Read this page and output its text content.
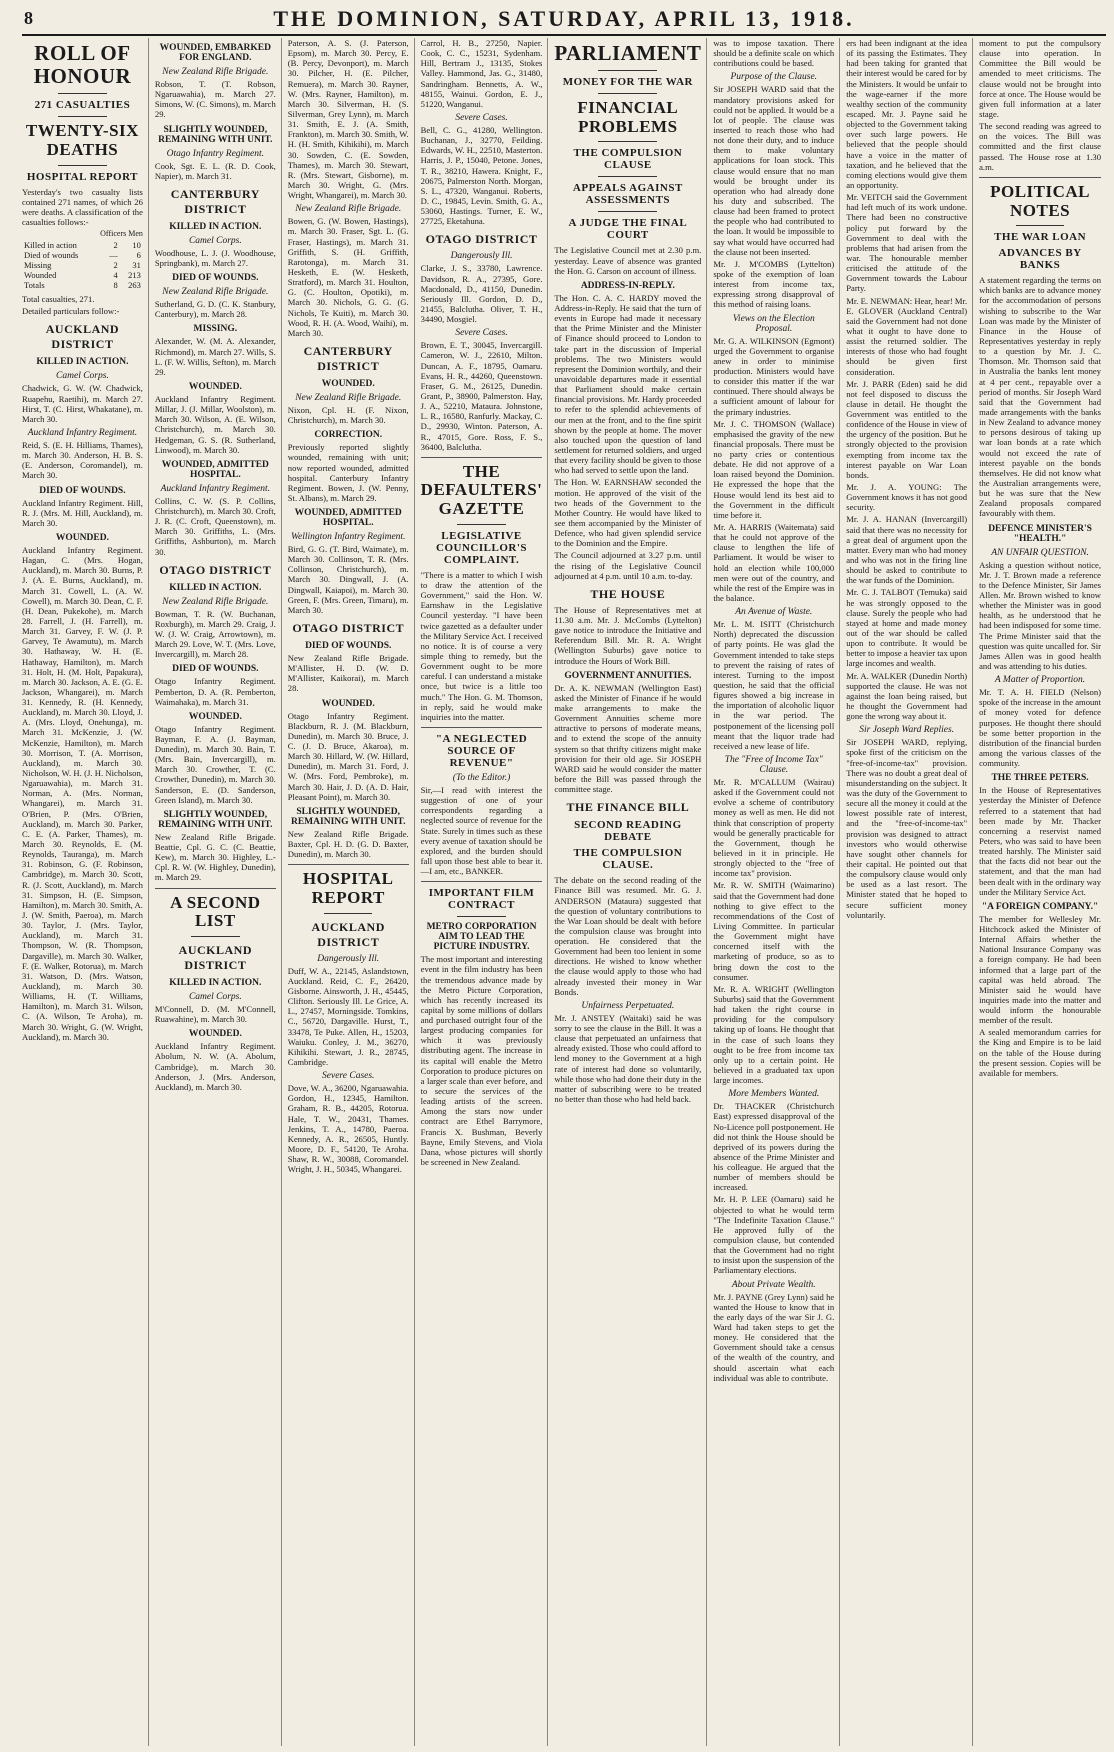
8	THE DOMINION, SATURDAY, APRIL 13, 1918.
ROLL OF HONOUR
271 CASUALTIES
TWENTY-SIX DEATHS
HOSPITAL REPORT

Yesterday's two casualty lists contained 271 names, of which 26 were deaths. A classification of the casualties follows:-

Officers Men
Killed in action	2	10
Died of wounds	—	6
Missing	2	31
Wounded	4	213
Totals	8	263

Total casualties, 271.

Detailed particulars follow:-

AUCKLAND DISTRICT
KILLED IN ACTION.
Camel Corps.

Chadwick, G. W. (W. Chadwick, Ruapehu, Raetihi), m. March 27. Hirst, T. (C. Hirst, Whakatane), m. March 30.

Auckland Infantry Regiment.

Reid, S. (E. H. Hilliams, Thames), m. March 30. Anderson, H. B. S. (E. Anderson, Coromandel), m. March 30.

DIED OF WOUNDS.

Auckland Infantry Regiment. Hill, R. J. (Mrs. M. Hill, Auckland), m. March 30.

WOUNDED.

Auckland Infantry Regiment. Hagan, C. (Mrs. Hogan, Auckland), m. March 30. Burns, P. J. (A. E. Burns, Auckland), m. March 31. Cowell, L. (A. W. Cowell), m. March 30. Dean, C. F. (H. Dean, Pukekohe), m. March 28. Farrell, J. (H. Farrell), m. March 31. Garvey, F. W. (J. P. Garvey, Te Awamutu), m. March 30. Hathaway, W. H. (E. Hathaway, Hamilton), m. March 31. Holt, H. (M. Holt, Papakura), m. March 30. Jackson, A. E. (G. E. Jackson, Whangarei), m. March 31. Kennedy, R. (H. Kennedy, Auckland), m. March 30. Lloyd, J. A. (Mrs. Lloyd, Onehunga), m. March 31. McKenzie, J. (W. McKenzie, Hamilton), m. March 30. Morrison, T. (A. Morrison, Auckland), m. March 30. Nicholson, W. H. (J. H. Nicholson, Ngaruawahia), m. March 31. Norman, A. (Mrs. Norman, Whangarei), m. March 31. O'Brien, P. (Mrs. O'Brien, Auckland), m. March 30. Parker, C. E. (A. Parker, Thames), m. March 30. Reynolds, E. (M. Reynolds, Tauranga), m. March 31. Robinson, G. (F. Robinson, Cambridge), m. March 30. Scott, R. (J. Scott, Auckland), m. March 31. Simpson, H. (E. Simpson, Hamilton), m. March 30. Smith, A. J. (W. Smith, Paeroa), m. March 30. Taylor, J. (Mrs. Taylor, Auckland), m. March 31. Thompson, W. (R. Thompson, Dargaville), m. March 30. Walker, F. (E. Walker, Rotorua), m. March 31. Watson, D. (Mrs. Watson, Auckland), m. March 30. Williams, H. (T. Williams, Hamilton), m. March 31. Wilson, C. (A. Wilson, Te Aroha), m. March 30. Wright, G. (W. Wright, Auckland), m. March 30.

WOUNDED, EMBARKED FOR ENGLAND.
New Zealand Rifle Brigade.

Robson, T. (T. Robson, Ngaruawahia), m. March 27. Simons, W. (C. Simons), m. March 29.

SLIGHTLY WOUNDED, REMAINING WITH UNIT.
Otago Infantry Regiment.

Cook, Sgt. E. L. (R. D. Cook, Napier), m. March 31.

CANTERBURY DISTRICT
KILLED IN ACTION.
Camel Corps.

Woodhouse, L. J. (J. Woodhouse, Springbank), m. March 27.

DIED OF WOUNDS.
New Zealand Rifle Brigade.

Sutherland, G. D. (C. K. Stanbury, Canterbury), m. March 28.

MISSING.

Alexander, W. (M. A. Alexander, Richmond), m. March 27. Wills, S. L. (F. W. Willis, Sefton), m. March 29.

WOUNDED.

Auckland Infantry Regiment. Millar, J. (J. Millar, Woolston), m. March 30. Wilson, A. (E. Wilson, Christchurch), m. March 30. Hedgeman, G. S. (R. Sutherland, Linwood), m. March 30.

WOUNDED, ADMITTED HOSPITAL.
Auckland Infantry Regiment.

Collins, C. W. (S. P. Collins, Christchurch), m. March 30. Croft, J. R. (C. Croft, Queenstown), m. March 30. Griffiths, L. (Mrs. Griffiths, Ashburton), m. March 30.

OTAGO DISTRICT
KILLED IN ACTION.
New Zealand Rifle Brigade.

Bowman, T. R. (W. Buchanan, Roxburgh), m. March 29. Craig, J. W. (J. W. Craig, Arrowtown), m. March 29. Love, W. T. (Mrs. Love, Invercargill), m. March 28.

DIED OF WOUNDS.

Otago Infantry Regiment. Pemberton, D. A. (R. Pemberton, Waimahaka), m. March 31.

WOUNDED.

Otago Infantry Regiment. Bayman, F. A. (J. Bayman, Dunedin), m. March 30. Bain, T. (Mrs. Bain, Invercargill), m. March 30. Crowther, T. (C. Crowther, Dunedin), m. March 30. Sanderson, E. (D. Sanderson, Green Island), m. March 30.

SLIGHTLY WOUNDED, REMAINING WITH UNIT.

New Zealand Rifle Brigade. Beattie, Cpl. G. C. (C. Beattie, Kew), m. March 30. Highley, L.-Cpl. R. W. (W. Highley, Dunedin), m. March 29.

A SECOND LIST
AUCKLAND DISTRICT
KILLED IN ACTION.
Camel Corps.

M'Connell, D. (M. M'Connell, Ruawahine), m. March 30.

WOUNDED.

Auckland Infantry Regiment. Abolum, N. W. (A. Abolum, Cambridge), m. March 30. Anderson, J. (Mrs. Anderson, Auckland), m. March 30.

Paterson, A. S. (J. Paterson, Epsom), m. March 30. Percy, E. (B. Percy, Devonport), m. March 30. Pilcher, H. (E. Pilcher, Remuera), m. March 30. Rayner, W. (Mrs. Rayner, Hamilton), m. March 30. Silverman, H. (S. Silverman, Grey Lynn), m. March 31. Smith, E. J. (A. Smith, Frankton), m. March 30. Smith, W. H. (H. Smith, Kihikihi), m. March 30. Sowden, C. (E. Sowden, Thames), m. March 30. Stewart, R. (Mrs. Stewart, Gisborne), m. March 30. Wright, G. (Mrs. Wright, Whangarei), m. March 30.

New Zealand Rifle Brigade.

Bowen, G. (W. Bowen, Hastings), m. March 30. Fraser, Sgt. L. (G. Fraser, Hastings), m. March 31. Griffith, S. (H. Griffith, Rarotonga), m. March 31. Hesketh, E. (W. Hesketh, Stratford), m. March 31. Houlton, G. (C. Houlton, Opotiki), m. March 30. Nichols, G. G. (G. Nichols, Te Kuiti), m. March 30. Wood, R. H. (A. Wood, Waihi), m. March 30.

CANTERBURY DISTRICT
WOUNDED.
New Zealand Rifle Brigade.

Nixon, Cpl. H. (F. Nixon, Christchurch), m. March 30.

CORRECTION.

Previously reported slightly wounded, remaining with unit; now reported wounded, admitted hospital. Canterbury Infantry Regiment. Bowen, J. (W. Penny, St. Albans), m. March 29.

WOUNDED, ADMITTED HOSPITAL.
Wellington Infantry Regiment.

Bird, G. G. (T. Bird, Waimate), m. March 30. Collinson, T. R. (Mrs. Collinson, Christchurch), m. March 30. Dingwall, J. (A. Dingwall, Kaiapoi), m. March 30. Green, F. (Mrs. Green, Timaru), m. March 30.

OTAGO DISTRICT
DIED OF WOUNDS.

New Zealand Rifle Brigade. M'Allister, H. D. (W. D. M'Allister, Kaikorai), m. March 28.

WOUNDED.

Otago Infantry Regiment. Blackburn, R. J. (M. Blackburn, Dunedin), m. March 30. Bruce, J. C. (J. D. Bruce, Akaroa), m. March 30. Hillard, W. (W. Hillard, Dunedin), m. March 31. Ford, J. W. (Mrs. Ford, Pembroke), m. March 30. Hair, J. D. (A. D. Hair, Pleasant Point), m. March 30.

SLIGHTLY WOUNDED, REMAINING WITH UNIT.

New Zealand Rifle Brigade. Baxter, Cpl. H. D. (G. D. Baxter, Dunedin), m. March 30.

HOSPITAL REPORT
AUCKLAND DISTRICT
Dangerously Ill.

Duff, W. A., 22145, Aslandstown, Auckland. Reid, C. F., 26420, Gisborne. Ainsworth, J. H., 45445, Clifton. Seriously Ill. Le Grice, A. L., 27457, Morningside. Tomkins, C., 56720, Dargaville. Hurst, T., 33478, Te Puke. Allen, H., 15203, Waiuku. Conley, J. M., 36270, Kihikihi. Stewart, J. R., 28745, Cambridge.

Severe Cases.

Dove, W. A., 36200, Ngaruawahia. Gordon, H., 12345, Hamilton. Graham, R. B., 44205, Rotorua. Hale, T. W., 20431, Thames. Jenkins, T. A., 14780, Paeroa. Kennedy, A. R., 26505, Huntly. Moore, D. F., 54120, Te Aroha. Shaw, R. W., 30088, Coromandel. Wright, J. H., 50345, Whangarei.

Carrol, H. B., 27250, Napier. Cook, C. C., 15231, Sydenham. Hill, Bertram J., 13135, Stokes Valley. Hammond, Jas. G., 31480, Sandringham. Bennetts, A. W., 48155, Wainui. Gordon, E. J., 51220, Wanganui.

Severe Cases.

Bell, C. G., 41280, Wellington. Buchanan, J., 32770, Feilding. Edwards, W. H., 22510, Masterton. Harris, J. P., 15040, Petone. Jones, T. R., 38210, Hawera. Knight, F., 20675, Palmerston North. Morgan, S. L., 47320, Wanganui. Roberts, D. C., 19845, Levin. Smith, G. A., 53060, Hastings. Turner, E. W., 27725, Eketahuna.

OTAGO DISTRICT
Dangerously Ill.

Clarke, J. S., 33780, Lawrence. Davidson, R. A., 27395, Gore. Macdonald, D., 41150, Dunedin. Seriously Ill. Gordon, D. D., 21455, Balclutha. Oliver, T. H., 34490, Mosgiel.

Severe Cases.

Brown, E. T., 30045, Invercargill. Cameron, W. J., 22610, Milton. Duncan, A. F., 18795, Oamaru. Evans, H. R., 44260, Queenstown. Fraser, G. M., 26125, Dunedin. Grant, P., 38900, Palmerston. Hay, J. A., 52210, Mataura. Johnstone, L. R., 16580, Ranfurly. Mackay, C. D., 29930, Winton. Paterson, A. R., 47015, Gore. Ross, F. S., 36400, Balclutha.

THE DEFAULTERS' GAZETTE
LEGISLATIVE COUNCILLOR'S COMPLAINT.

"There is a matter to which I wish to draw the attention of the Government," said the Hon. W. Earnshaw in the Legislative Council yesterday. "I have been twice gazetted as a defaulter under the Military Service Act. I received no notice. It is of course a very simple thing to remedy, but the Government ought to be more careful. I can understand a mistake once, but twice is a little too much." The Hon. G. M. Thomson, in reply, said he would make inquiries into the matter.

"A NEGLECTED SOURCE OF REVENUE"
(To the Editor.)

Sir,—I read with interest the suggestion of one of your correspondents regarding a neglected source of revenue for the State. Surely in times such as these every avenue of taxation should be explored, and the burden should fall upon those best able to bear it.—I am, etc., BANKER.

IMPORTANT FILM CONTRACT
METRO CORPORATION AIM TO LEAD THE PICTURE INDUSTRY.

The most important and interesting event in the film industry has been the tremendous advance made by the Metro Picture Corporation, which has recently increased its capital by some millions of dollars and purchased outright four of the largest producing companies for which it was previously distributing agent. The increase in its capital will enable the Metro Corporation to produce pictures on a larger scale than ever before, and to secure the services of the leading artists of the screen. Among the stars now under contract are Ethel Barrymore, Francis X. Bushman, Beverly Bayne, Emily Stevens, and Viola Dana, whose pictures will shortly be screened in New Zealand.

PARLIAMENT
MONEY FOR THE WAR
FINANCIAL PROBLEMS
THE COMPULSION CLAUSE
APPEALS AGAINST ASSESSMENTS
A JUDGE THE FINAL COURT

The Legislative Council met at 2.30 p.m. yesterday. Leave of absence was granted the Hon. G. Carson on account of illness.

ADDRESS-IN-REPLY.

The Hon. C. A. C. HARDY moved the Address-in-Reply. He said that the turn of events in Europe had made it necessary that the Prime Minister and the Minister of Finance should proceed to London to take part in the discussion of Imperial problems. The two Ministers would represent the Dominion worthily, and their unavoidable departures made it essential that Parliament should make certain financial provisions. Mr. Hardy proceeded to refer to the splendid achievements of our men at the front, and to the fine spirit shown by the people at home. The mover also touched upon the question of land settlement for returned soldiers, and urged that every facility should be given to those who had served to settle upon the land.

The Hon. W. EARNSHAW seconded the motion. He approved of the visit of the two heads of the Government to the Mother Country. He would have liked to see them accompanied by the Minister of Defence, who had given splendid service to the Dominion and the Empire.

The Council adjourned at 3.27 p.m. until the rising of the Legislative Council adjourned at 4 p.m. until 10 a.m. to-day.

THE HOUSE

The House of Representatives met at 11.30 a.m. Mr. J. McCombs (Lyttelton) gave notice to introduce the Initiative and Referendum Bill. Mr. R. A. Wright (Wellington Suburbs) gave notice to introduce the Hours of Work Bill.

GOVERNMENT ANNUITIES.

Dr. A. K. NEWMAN (Wellington East) asked the Minister of Finance if he would make arrangements to make the Government Annuities scheme more attractive to persons of moderate means, and to extend the scope of the annuity system so that thrifty citizens might make provision for their old age. Sir JOSEPH WARD said he would consider the matter before the Bill was passed through the committee stage.

THE FINANCE BILL
SECOND READING DEBATE
THE COMPULSION CLAUSE.

The debate on the second reading of the Finance Bill was resumed. Mr. G. J. ANDERSON (Mataura) suggested that the question of voluntary contributions to the War Loan should be dealt with before the compulsion clause was brought into operation. He considered that the Government had been too lenient in some directions. He wished to know whether the clause would apply to those who had already invested their money in War Bonds.

Unfairness Perpetuated.

Mr. J. ANSTEY (Waitaki) said he was sorry to see the clause in the Bill. It was a clause that perpetuated an unfairness that already existed. Those who could afford to lend money to the Government at a high rate of interest had done so voluntarily, while those who had done their duty in the matter of subscribing were to be treated no better than those who had held back.

was to impose taxation. There should be a definite scale on which contributions could be based.

Purpose of the Clause.

Sir JOSEPH WARD said that the mandatory provisions asked for could not be applied. It would be a lot of people. The clause was inserted to reach those who had not done their duty, and to induce them to make voluntary applications for loan stock. This clause would ensure that no man would be brought under its operation who had already done his duty and subscribed. The clause had been framed to protect the people who had contributed to the loan. It would be impossible to say what would have occurred had the clause not been inserted.

Mr. J. M'COMBS (Lyttelton) spoke of the exemption of loan interest from income tax, expressing strong disapproval of this method of raising loans.

Views on the Election Proposal.

Mr. G. A. WILKINSON (Egmont) urged the Government to organise anew in order to minimise production. Ministers would have to consider this matter if the war continued. There should always be a sufficient amount of labour for the primary industries.

Mr. J. C. THOMSON (Wallace) emphasised the gravity of the new financial proposals. There must be no party cries or contentious debate. He did not approve of a loan raised beyond the Dominion. He expressed the hope that the House would lend its best aid to the Government in the difficult time before it.

Mr. A. HARRIS (Waitemata) said that he could not approve of the clause to lengthen the life of Parliament. It would be wiser to hold an election while 100,000 men were out of the country, and while the rest of the Empire was in the balance.

An Avenue of Waste.

Mr. L. M. ISITT (Christchurch North) deprecated the discussion of party points. He was glad the Government intended to take steps to prevent the raising of rates of interest. Turning to the impost question, he said that the official figures showed a big increase in the importation of alcoholic liquor in the war period. The postponement of the licensing poll meant that the liquor trade had received a new lease of life.

The "Free of Income Tax" Clause.

Mr. R. M'CALLUM (Wairau) asked if the Government could not evolve a scheme of contributory money as well as men. He did not think that conscription of property would be generally practicable for the Government, though he believed in it in principle. He strongly objected to the "free of income tax" provision.

Mr. R. W. SMITH (Waimarino) said that the Government had done nothing to give effect to the recommendations of the Cost of Living Committee. In particular the Government might have concerned itself with the marketing of produce, so as to bring down the cost to the consumer.

Mr. R. A. WRIGHT (Wellington Suburbs) said that the Government had taken the right course in providing for the compulsory taking up of loans. He thought that in the case of such loans they ought to be free from income tax only up to a certain point. He believed in a graduated tax upon large incomes.

More Members Wanted.

Dr. THACKER (Christchurch East) expressed disapproval of the No-Licence poll postponement. He did not think the House should be deprived of its powers during the absence of the Prime Minister and his colleague. He argued that the number of members should be increased.

Mr. H. P. LEE (Oamaru) said he objected to what he would term "The Indefinite Taxation Clause." He approved fully of the compulsion clause, but contended that the Government had no right to insist upon the suspension of the Parliamentary elections.

About Private Wealth.

Mr. J. PAYNE (Grey Lynn) said he wanted the House to know that in the early days of the war Sir J. G. Ward had taken steps to get the money. He considered that the Government should take a census of the wealth of the country, and should ascertain what each individual was able to contribute.

ers had been indignant at the idea of its passing the Estimates. They had been taking for granted that their interest would be cared for by the Ministers. It would be unfair to the wage-earner if the more wealthy section of the community escaped. Mr. J. Payne said he objected to the Government taking over such large powers. He believed that the people should have a voice in the matter of taxation, and he believed that the coming elections would give them an opportunity.

Mr. VEITCH said the Government had left much of its work undone. There had been no constructive policy put forward by the Government to deal with the problems that had arisen from the war. The honourable member criticised the attitude of the Government towards the Labour Party.

Mr. E. NEWMAN: Hear, hear! Mr. E. GLOVER (Auckland Central) said the Government had not done what it ought to have done to assist the returned soldier. The interests of those who had fought should be given first consideration.

Mr. J. PARR (Eden) said he did not feel disposed to discuss the clause in detail. He thought the Government was entitled to the confidence of the House in view of the urgency of the position. But he strongly objected to the provision exempting from income tax the interest payable on War Loan bonds.

Mr. J. A. YOUNG: The Government knows it has not good security.

Mr. J. A. HANAN (Invercargill) said that there was no necessity for a great deal of argument upon the matter. Every man who had money and who was not in the firing line should be asked to contribute to the war funds of the Dominion.

Mr. C. J. TALBOT (Temuka) said he was strongly opposed to the clause. Surely the people who had stayed at home and made money out of the war should be called upon to contribute. It would be better to impose a heavier tax upon large incomes and wealth.

Mr. A. WALKER (Dunedin North) supported the clause. He was not against the loan being raised, but he thought the Government had gone the wrong way about it.

Sir Joseph Ward Replies.

Sir JOSEPH WARD, replying, spoke first of the criticism on the "free-of-income-tax" provision. There was no doubt a great deal of misunderstanding on the subject. It was the duty of the Government to secure all the money it could at the lowest possible rate of interest, and the "free-of-income-tax" provision was designed to attract investors who would otherwise have sought other channels for their capital. He pointed out that the compulsory clause would only be used as a last resort. The Minister stated that he hoped to secure sufficient money voluntarily.

moment to put the compulsory clause into operation. In Committee the Bill would be amended to meet criticisms. The clause would not be brought into force at once. The House would be given full information at a later stage.

The second reading was agreed to on the voices. The Bill was committed and the first clause passed. The House rose at 1.30 a.m.

POLITICAL NOTES
THE WAR LOAN
ADVANCES BY BANKS

A statement regarding the terms on which banks are to advance money for the accommodation of persons wishing to subscribe to the War Loan was made by the Minister of Finance in the House of Representatives yesterday in reply to a question by Mr. J. C. Thomson. Mr. Thomson said that in Australia the banks lent money at 4 per cent., repayable over a period of months. Sir Joseph Ward said that the Government had made arrangements with the banks in New Zealand to advance money to persons desirous of taking up war loan bonds at a rate which would not exceed the rate of interest payable on the bonds themselves. He did not know what the Australian arrangements were, but he was sure that the New Zealand proposals compared favourably with them.

DEFENCE MINISTER'S "HEALTH."
AN UNFAIR QUESTION.

Asking a question without notice, Mr. J. T. Brown made a reference to the Defence Minister, Sir James Allen. Mr. Brown wished to know whether the Minister was in good health, as he understood that he had been indisposed for some time. The Prime Minister said that the question was quite uncalled for. Sir James Allen was in good health and was attending to his duties.

A Matter of Proportion.

Mr. T. A. H. FIELD (Nelson) spoke of the increase in the amount of money voted for defence purposes. He thought there should be some better proportion in the distribution of the financial burden among the various classes of the community.

THE THREE PETERS.

In the House of Representatives yesterday the Minister of Defence referred to a statement that had been made by Mr. Thacker concerning a reservist named Peters, who was said to have been treated harshly. The Minister said that the facts did not bear out the statement, and that the man had been dealt with in the ordinary way under the Military Service Act.

"A FOREIGN COMPANY."

The member for Wellesley Mr. Hitchcock asked the Minister of Internal Affairs whether the National Insurance Company was a foreign company. He had been informed that a large part of the capital was held abroad. The Minister said he would have inquiries made into the matter and would inform the honourable member of the result.

A sealed memorandum carries for the King and Empire is to be laid on the table of the House during the present session. Copies will be available for members.
